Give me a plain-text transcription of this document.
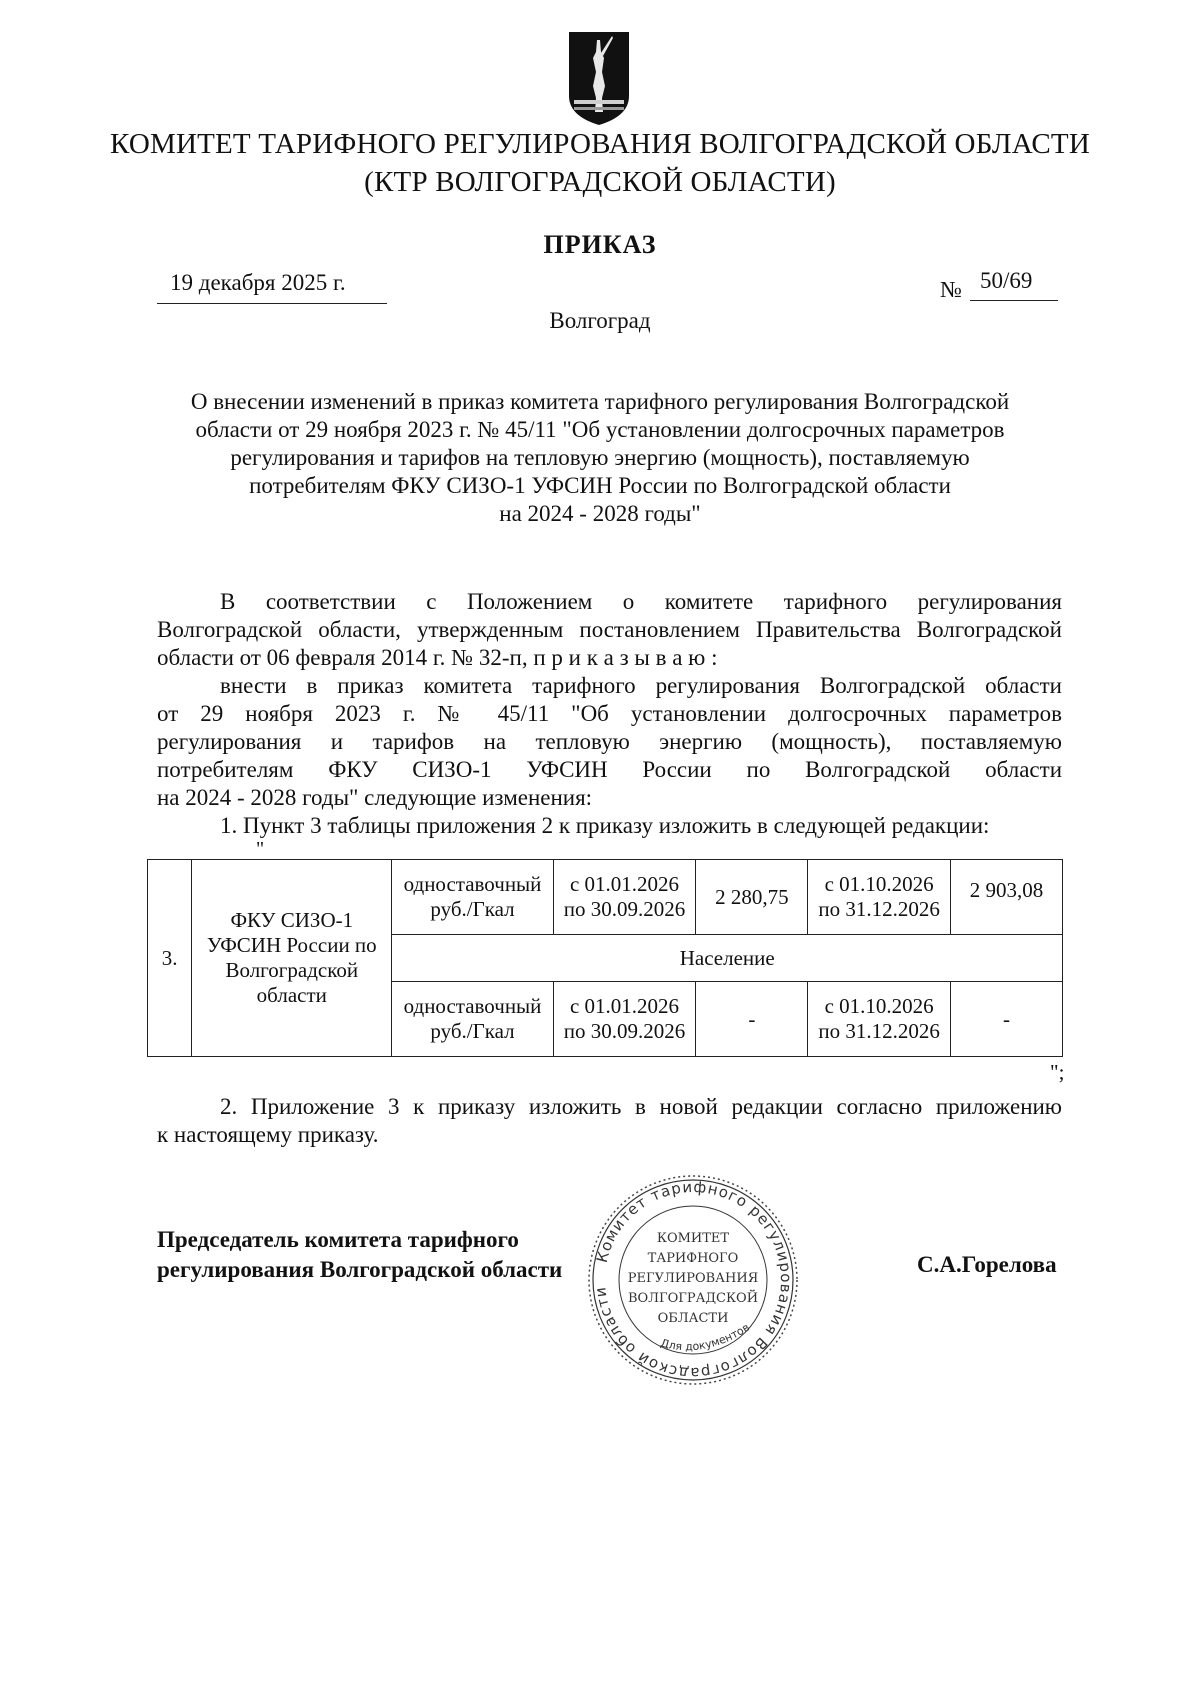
КОМИТЕТ ТАРИФНОГО РЕГУЛИРОВАНИЯ ВОЛГОГРАДСКОЙ ОБЛАСТИ
(КТР ВОЛГОГРАДСКОЙ ОБЛАСТИ)
ПРИКАЗ
19 декабря 2025 г.	№ 50/69
Волгоград
О внесении изменений в приказ комитета тарифного регулирования Волгоградской
области от 29 ноября 2023 г. № 45/11 "Об установлении долгосрочных параметров
регулирования и тарифов на тепловую энергию (мощность), поставляемую
потребителям ФКУ СИЗО-1 УФСИН России по Волгоградской области
на 2024 - 2028 годы"
В соответствии с Положением о комитете тарифного регулирования
Волгоградской области, утвержденным постановлением Правительства Волгоградской
области от 06 февраля 2014 г. № 32-п, п р и к а з ы в а ю :
внести в приказ комитета тарифного регулирования Волгоградской области
от 29 ноября 2023 г. № 45/11 "Об установлении долгосрочных параметров
регулирования и тарифов на тепловую энергию (мощность), поставляемую
потребителям ФКУ СИЗО-1 УФСИН России по Волгоградской области
на 2024 - 2028 годы" следующие изменения:
1. Пункт 3 таблицы приложения 2 к приказу изложить в следующей редакции:
"
3.	ФКУ СИЗО-1 УФСИН России по Волгоградской области	одноставочный руб./Гкал	с 01.01.2026 по 30.09.2026	2 280,75	с 01.10.2026 по 31.12.2026	2 903,08
		Население				
		одноставочный руб./Гкал	с 01.01.2026 по 30.09.2026	-	с 01.10.2026 по 31.12.2026	-
";
2. Приложение 3 к приказу изложить в новой редакции согласно приложению
к настоящему приказу.
Председатель комитета тарифного
регулирования Волгоградской области
Комитет тарифного регулирования Волгоградской области
КОМИТЕТ
ТАРИФНОГО
РЕГУЛИРОВАНИЯ
ВОЛГОГРАДСКОЙ
ОБЛАСТИ
Для документов
С.А.Горелова
